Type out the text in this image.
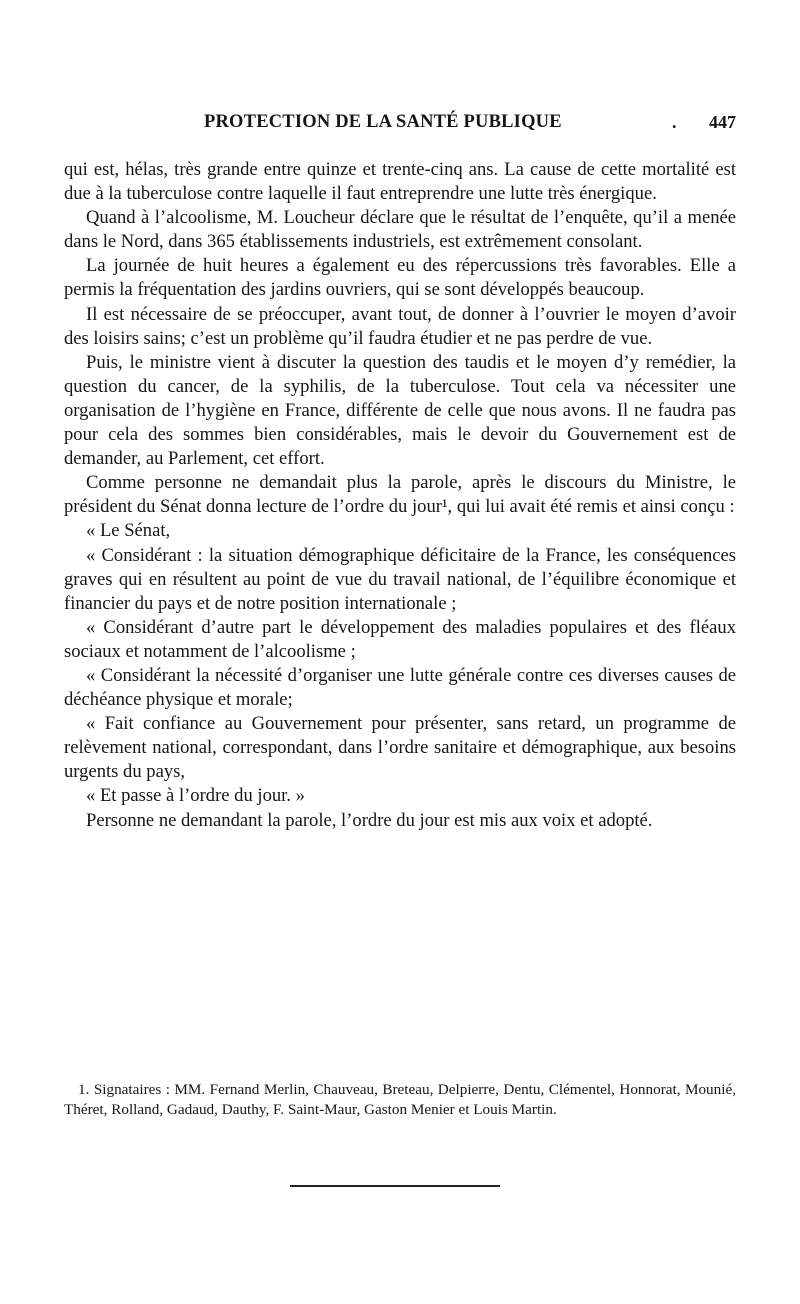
PROTECTION DE LA SANTÉ PUBLIQUE	. 447

qui est, hélas, très grande entre quinze et trente-cinq ans. La cause de cette mortalité est due à la tuberculose contre laquelle il faut entreprendre une lutte très énergique.

Quand à l’alcoolisme, M. Loucheur déclare que le résultat de l’enquête, qu’il a menée dans le Nord, dans 365 établissements industriels, est extrêmement consolant.

La journée de huit heures a également eu des répercussions très favorables. Elle a permis la fréquentation des jardins ouvriers, qui se sont développés beaucoup.

Il est nécessaire de se préoccuper, avant tout, de donner à l’ouvrier le moyen d’avoir des loisirs sains; c’est un problème qu’il faudra étudier et ne pas perdre de vue.

Puis, le ministre vient à discuter la question des taudis et le moyen d’y remédier, la question du cancer, de la syphilis, de la tuberculose. Tout cela va nécessiter une organisation de l’hygiène en France, différente de celle que nous avons. Il ne faudra pas pour cela des sommes bien considérables, mais le devoir du Gouvernement est de demander, au Parlement, cet effort.

Comme personne ne demandait plus la parole, après le discours du Ministre, le président du Sénat donna lecture de l’ordre du jour¹, qui lui avait été remis et ainsi conçu :

« Le Sénat,

« Considérant : la situation démographique déficitaire de la France, les conséquences graves qui en résultent au point de vue du travail national, de l’équilibre économique et financier du pays et de notre position internationale ;

« Considérant d’autre part le développement des maladies populaires et des fléaux sociaux et notamment de l’alcoolisme ;

« Considérant la nécessité d’organiser une lutte générale contre ces diverses causes de déchéance physique et morale;

« Fait confiance au Gouvernement pour présenter, sans retard, un programme de relèvement national, correspondant, dans l’ordre sanitaire et démographique, aux besoins urgents du pays,

« Et passe à l’ordre du jour. »

Personne ne demandant la parole, l’ordre du jour est mis aux voix et adopté.

1. Signataires : MM. Fernand Merlin, Chauveau, Breteau, Delpierre, Dentu, Clémentel, Honnorat, Mounié, Théret, Rolland, Gadaud, Dauthy, F. Saint-Maur, Gaston Menier et Louis Martin.
